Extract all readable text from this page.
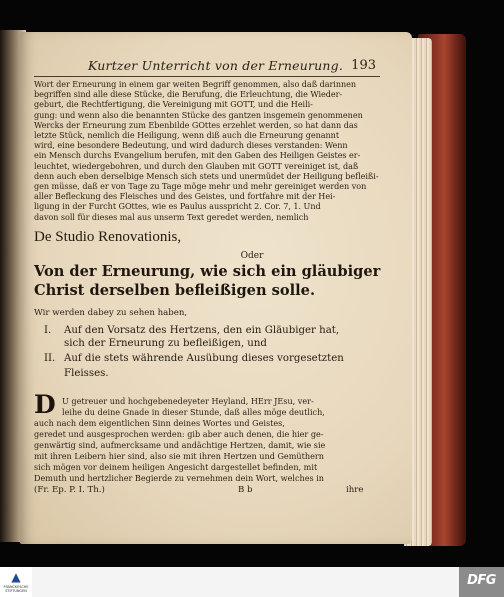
Kurtzer Unterricht von der Erneurung. 193
Wort der Erneurung in einem gar weiten Begriff genommen, also daß darinnen
begriffen sind alle diese Stücke, die Berufung, die Erleuchtung, die Wieder-
geburt, die Rechtfertigung, die Vereinigung mit GOTT, und die Heili-
gung: und wenn also die benannten Stücke des gantzen insgemein genommenen
Wercks der Erneurung zum Ebenbilde GOttes erzehlet werden, so hat dann das
letzte Stück, nemlich die Heiligung, wenn diß auch die Erneurung genannt
wird, eine besondere Bedeutung, und wird dadurch dieses verstanden: Wenn
ein Mensch durchs Evangelium berufen, mit den Gaben des Heiligen Geistes er-
leuchtet, wiedergebohren, und durch den Glauben mit GOTT vereiniget ist, daß
denn auch eben derselbige Mensch sich stets und unermüdet der Heiligung befleißi-
gen müsse, daß er von Tage zu Tage möge mehr und mehr gereiniget werden von
aller Befleckung des Fleisches und des Geistes, und fortfahre mit der Hei-
ligung in der Furcht GOttes, wie es Paulus ausspricht 2. Cor. 7, 1. Und
davon soll für dieses mal aus unserm Text geredet werden, nemlich
De Studio Renovationis,
Oder
Von der Erneurung, wie sich ein gläubiger
Christ derselben befleißigen solle.
Wir werden dabey zu sehen haben,
I. Auf den Vorsatz des Hertzens, den ein Gläubiger hat,
sich der Erneurung zu befleißigen, und
II. Auf die stets währende Ausübung dieses vorgesetzten
Fleisses.
D U getreuer und hochgebenedeyeter Heyland, HErr JEsu, ver-
leihe du deine Gnade in dieser Stunde, daß alles möge deutlich,
auch nach dem eigentlichen Sinn deines Wortes und Geistes,
geredet und ausgesprochen werden: gib aber auch denen, die hier ge-
genwärtig sind, aufmercksame und andächtige Hertzen, damit, wie sie
mit ihren Leibern hier sind, also sie mit ihren Hertzen und Gemüthern
sich mögen vor deinem heiligen Angesicht dargestellet befinden, mit
Demuth und hertzlicher Begierde zu vernehmen dein Wort, welches in
(Fr. Ep. P. I. Th.)	B b	ihre
▲
FRANCKESCHE
STIFTUNGEN
DFG
